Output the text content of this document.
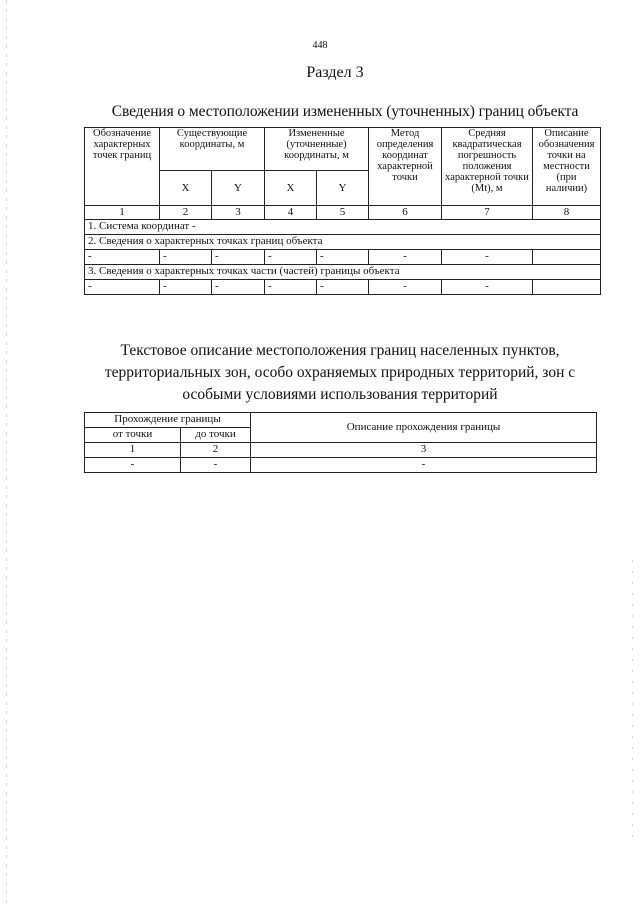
448
Раздел 3
Сведения о местоположении измененных (уточненных) границ объекта
Обозначение характерных точек границ	Существующие координаты, м		Измененные (уточненные) координаты, м		Метод определения координат характерной точки	Средняя квадратическая погрешность положения характерной точки (Mt), м	Описание обозначения точки на местности (при наличии)
	X	Y	X	Y			
1	2	3	4	5	6	7	8
1. Система координат -							
2. Сведения о характерных точках границ объекта							
-	-	-	-	-	-	-	
3. Сведения о характерных точках части (частей) границы объекта							
-	-	-	-	-	-	-	
Текстовое описание местоположения границ населенных пунктов, территориальных зон, особо охраняемых природных территорий, зон с особыми условиями использования территорий
Прохождение границы		Описание прохождения границы
от точки	до точки	
1	2	3
-	-	-
